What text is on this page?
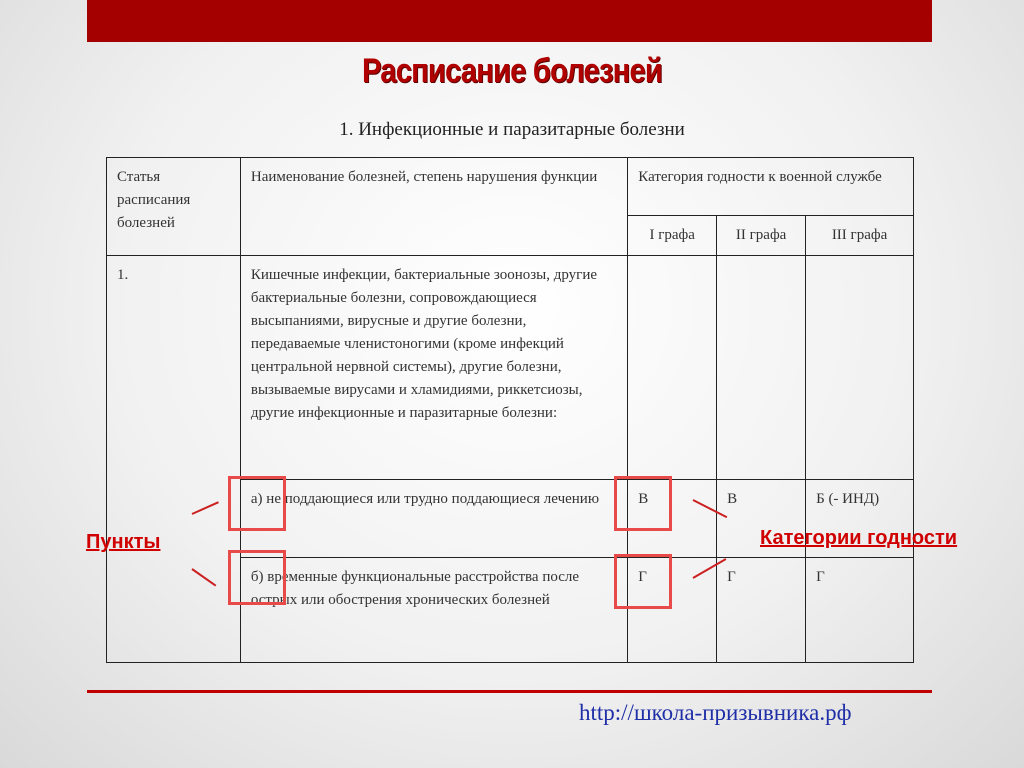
Расписание болезней
1. Инфекционные и паразитарные болезни
Статья расписания болезней	Наименование болезней, степень нарушения функции	Категория годности к военной службе		
		I графа	II графа	III графа
1.	Кишечные инфекции, бактериальные зоонозы, другие бактериальные болезни, сопровождающиеся высыпаниями, вирусные и другие болезни, передаваемые членистоногими (кроме инфекций центральной нервной системы), другие болезни, вызываемые вирусами и хламидиями, риккетсиозы, другие инфекционные и паразитарные болезни:			
	а) не поддающиеся или трудно поддающиеся лечению	В	В	Б (- ИНД)
	б) временные функциональные расстройства после острых или обострения хронических болезней	Г	Г	Г
Пункты	Категории годности
http://школа-призывника.рф
